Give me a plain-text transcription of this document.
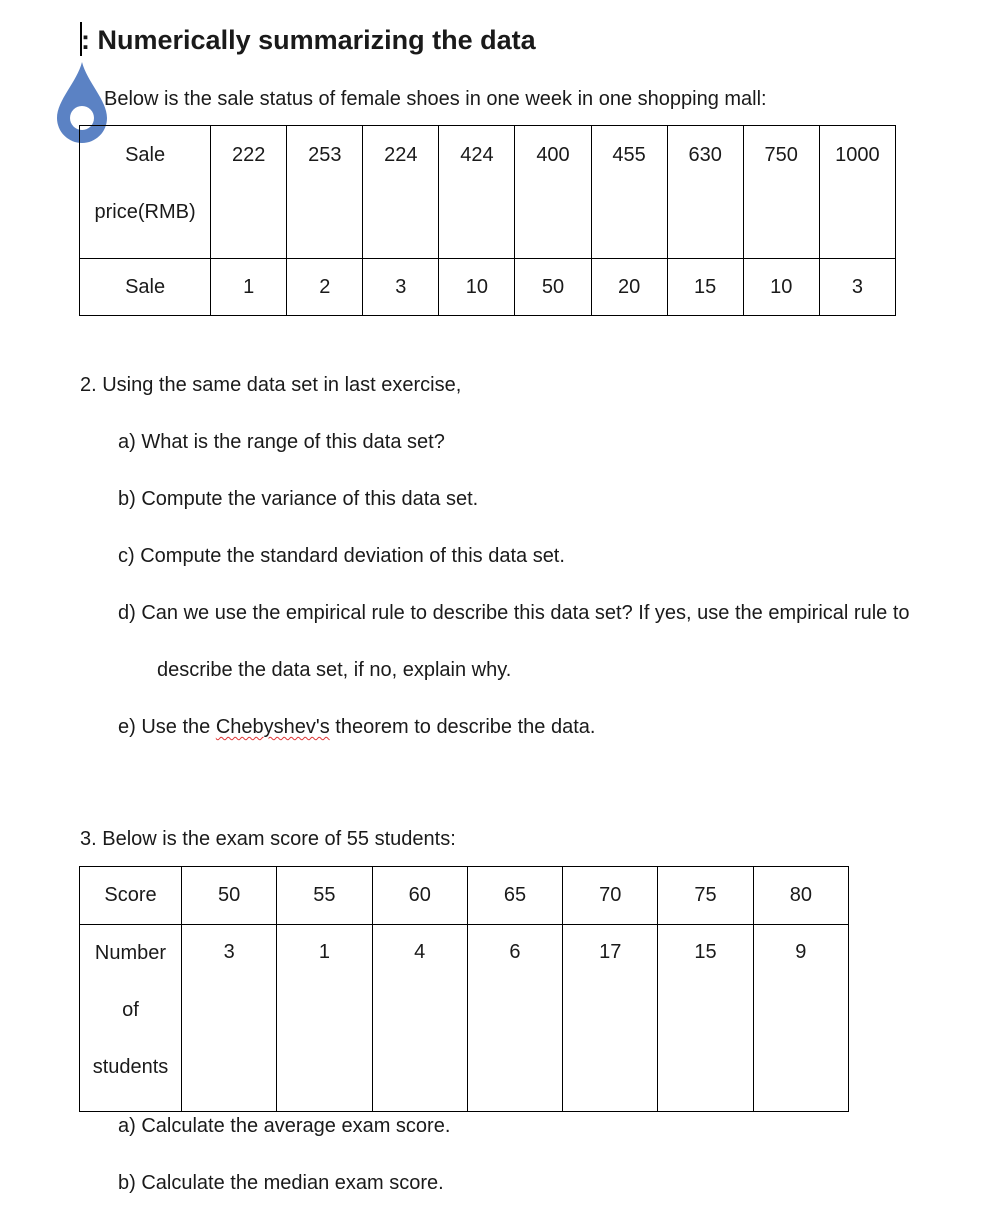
: Numerically summarizing the data
Below is the sale status of female shoes in one week in one shopping mall:
Sale
price(RMB)	222	253	224	424	400	455	630	750	1000
Sale	1	2	3	10	50	20	15	10	3
2. Using the same data set in last exercise,
a) What is the range of this data set?
b) Compute the variance of this data set.
c) Compute the standard deviation of this data set.
d) Can we use the empirical rule to describe this data set? If yes, use the empirical rule to
describe the data set, if no, explain why.
e) Use the Chebyshev's theorem to describe the data.
3. Below is the exam score of 55 students:
Score	50	55	60	65	70	75	80

Number
of
students	3	1	4	6	17	15	9
a) Calculate the average exam score.
b) Calculate the median exam score.
